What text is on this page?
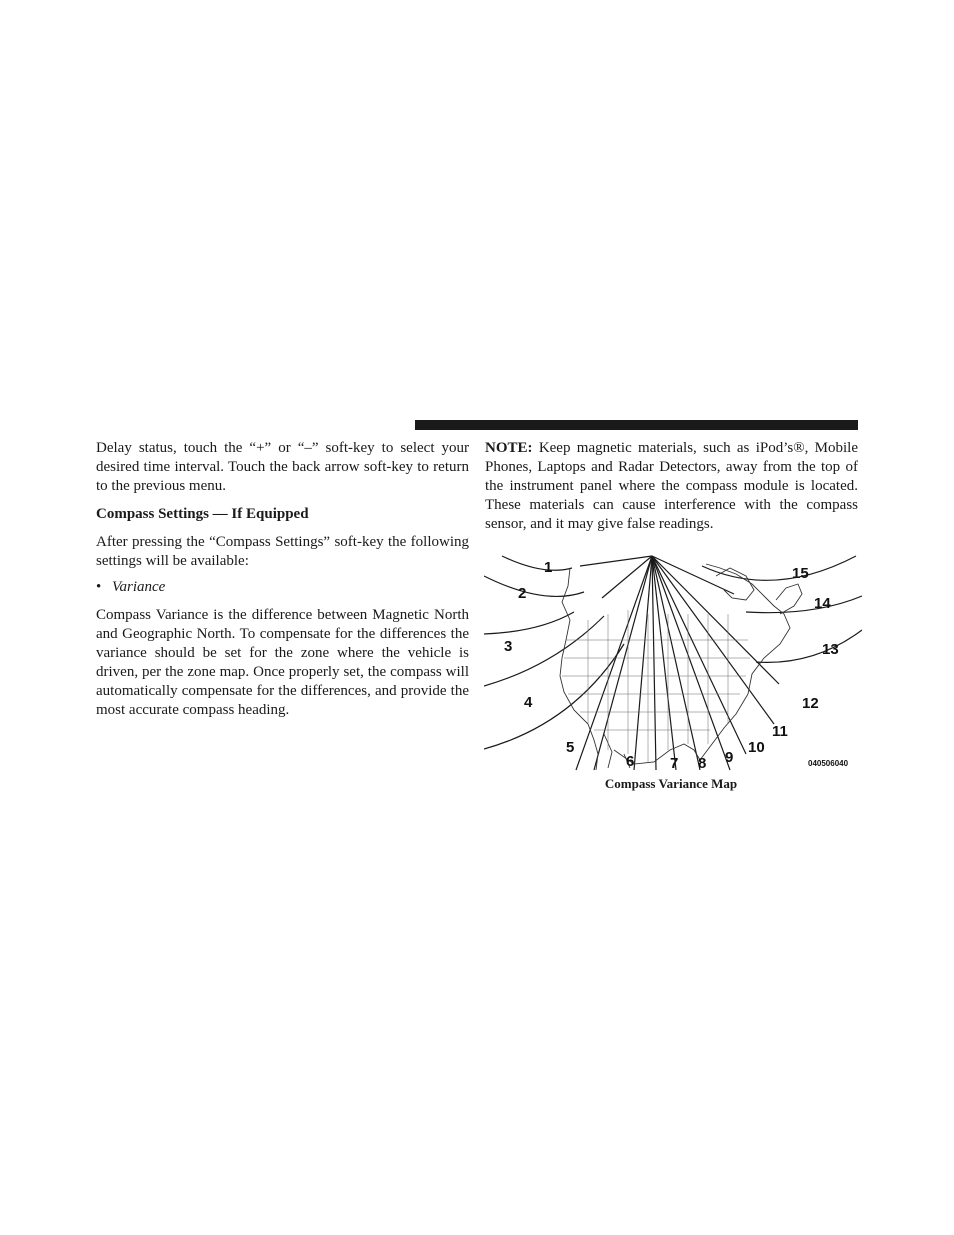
Delay status, touch the “+” or “–” soft-key to select your desired time interval. Touch the back arrow soft-key to return to the previous menu.

Compass Settings — If Equipped

After pressing the “Compass Settings” soft-key the following settings will be available:

• Variance

Compass Variance is the difference between Magnetic North and Geographic North. To compensate for the differences the variance should be set for the zone where the vehicle is driven, per the zone map. Once properly set, the compass will automatically compensate for the differences, and provide the most accurate compass heading.

NOTE: Keep magnetic materials, such as iPod’s®, Mobile Phones, Laptops and Radar Detectors, away from the top of the instrument panel where the compass module is located. These materials can cause interference with the compass sensor, and it may give false readings.

1
2
3
4
5
6 7 8 9
10
11
12
13
14
15
040506040
Compass Variance Map
